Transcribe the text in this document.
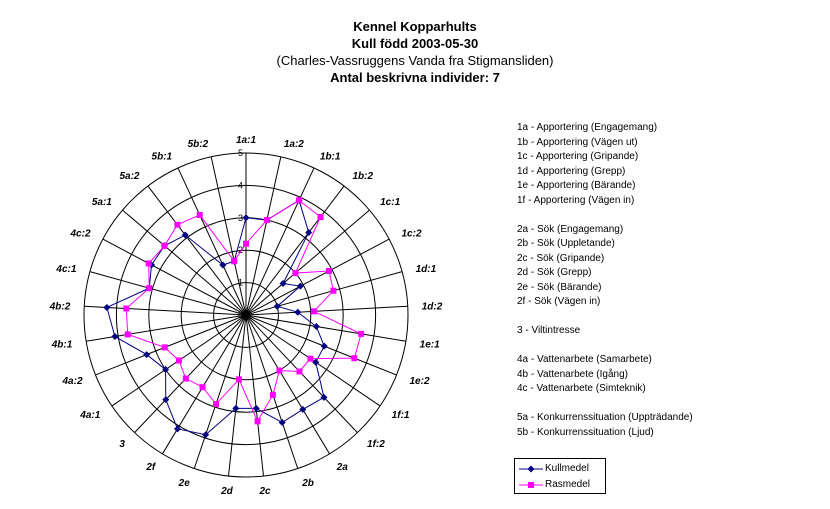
Kennel Kopparhults
Kull född 2003-05-30
(Charles-Vassruggens Vanda fra Stigmansliden)
Antal beskrivna individer: 7
0
1
2
3
4
5
1a:1	1a:2
1b:1
1b:2
1c:1
1c:2
1d:1
1d:2
1e:1
1e:2
1f:1
1f:2
2a
2b
2c
2d
2e
2f
3
4a:1
4a:2
4b:1
4b:2
4c:1
4c:2
5a:1
5a:2
5b:1
5b:2
1a - Apportering (Engagemang)
1b - Apportering (Vägen ut)
1c - Apportering (Gripande)
1d - Apportering (Grepp)
1e - Apportering (Bärande)
1f - Apportering (Vägen in)
2a - Sök (Engagemang)
2b - Sök (Uppletande)
2c - Sök (Gripande)
2d - Sök (Grepp)
2e - Sök (Bärande)
2f - Sök (Vägen in)
3 - Viltintresse
4a - Vattenarbete (Samarbete)
4b - Vattenarbete (Igång)
4c - Vattenarbete (Simteknik)
5a - Konkurrenssituation (Uppträdande)
5b - Konkurrenssituation (Ljud)
Kullmedel
Rasmedel
